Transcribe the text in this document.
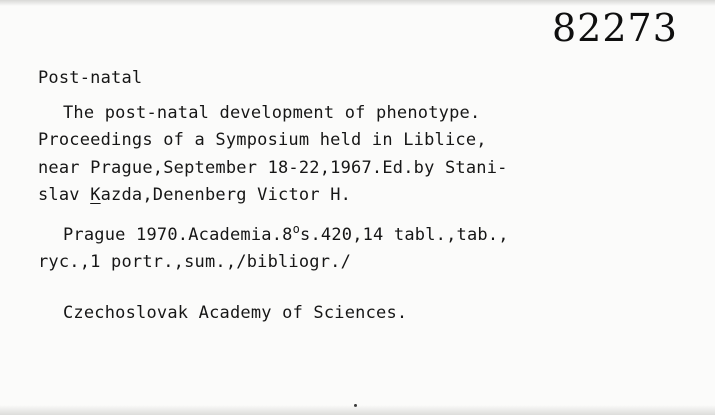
82273
Post-natal
The post-natal development of phenotype.
Proceedings of a Symposium held in Liblice,
near Prague,September 18-22,1967.Ed.by Stani-
slav Kazda,Denenberg Victor H.
Prague 1970.Academia.8$^o$s.420,14 tabl.,tab.,
ryc.,1 portr.,sum.,/bibliogr./
Czechoslovak Academy of Sciences.
